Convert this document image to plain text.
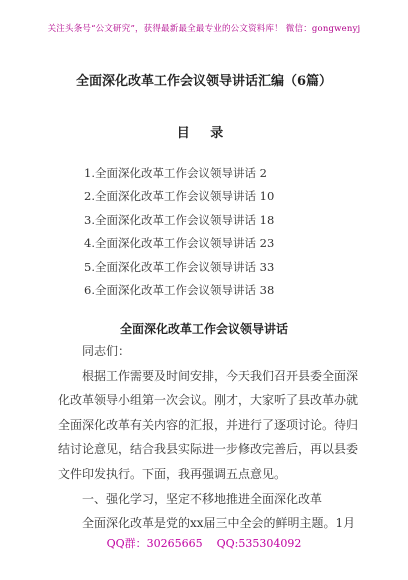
关注头条号“公文研究”，获得最新最全最专业的公文资料库！ 微信：gongwenyj
全面深化改革工作会议领导讲话汇编（6篇）
目 录
1.全面深化改革工作会议领导讲话 2
2.全面深化改革工作会议领导讲话 10
3.全面深化改革工作会议领导讲话 18
4.全面深化改革工作会议领导讲话 23
5.全面深化改革工作会议领导讲话 33
6.全面深化改革工作会议领导讲话 38
全面深化改革工作会议领导讲话

同志们：

根据工作需要及时间安排，今天我们召开县委全面深化改革领导小组第一次会议。刚才，大家听了县改革办就全面深化改革有关内容的汇报，并进行了逐项讨论。待归结讨论意见，结合我县实际进一步修改完善后，再以县委文件印发执行。下面，我再强调五点意见。

一、强化学习，坚定不移地推进全面深化改革

全面深化改革是党的xx届三中全会的鲜明主题。1月

QQ群：30265665 QQ:535304092
